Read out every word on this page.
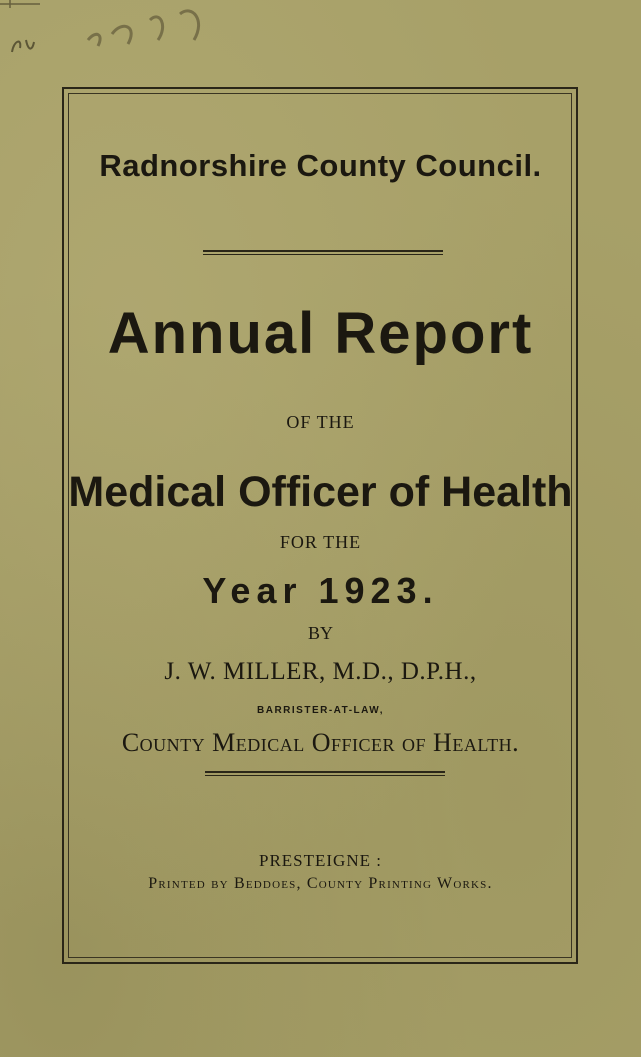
Radnorshire County Council.
Annual Report
OF THE
Medical Officer of Health
FOR THE
Year 1923.
BY
J. W. MILLER, M.D., D.P.H.,
BARRISTER-AT-LAW,
County Medical Officer of Health.
PRESTEIGNE :
Printed by Beddoes, County Printing Works.
